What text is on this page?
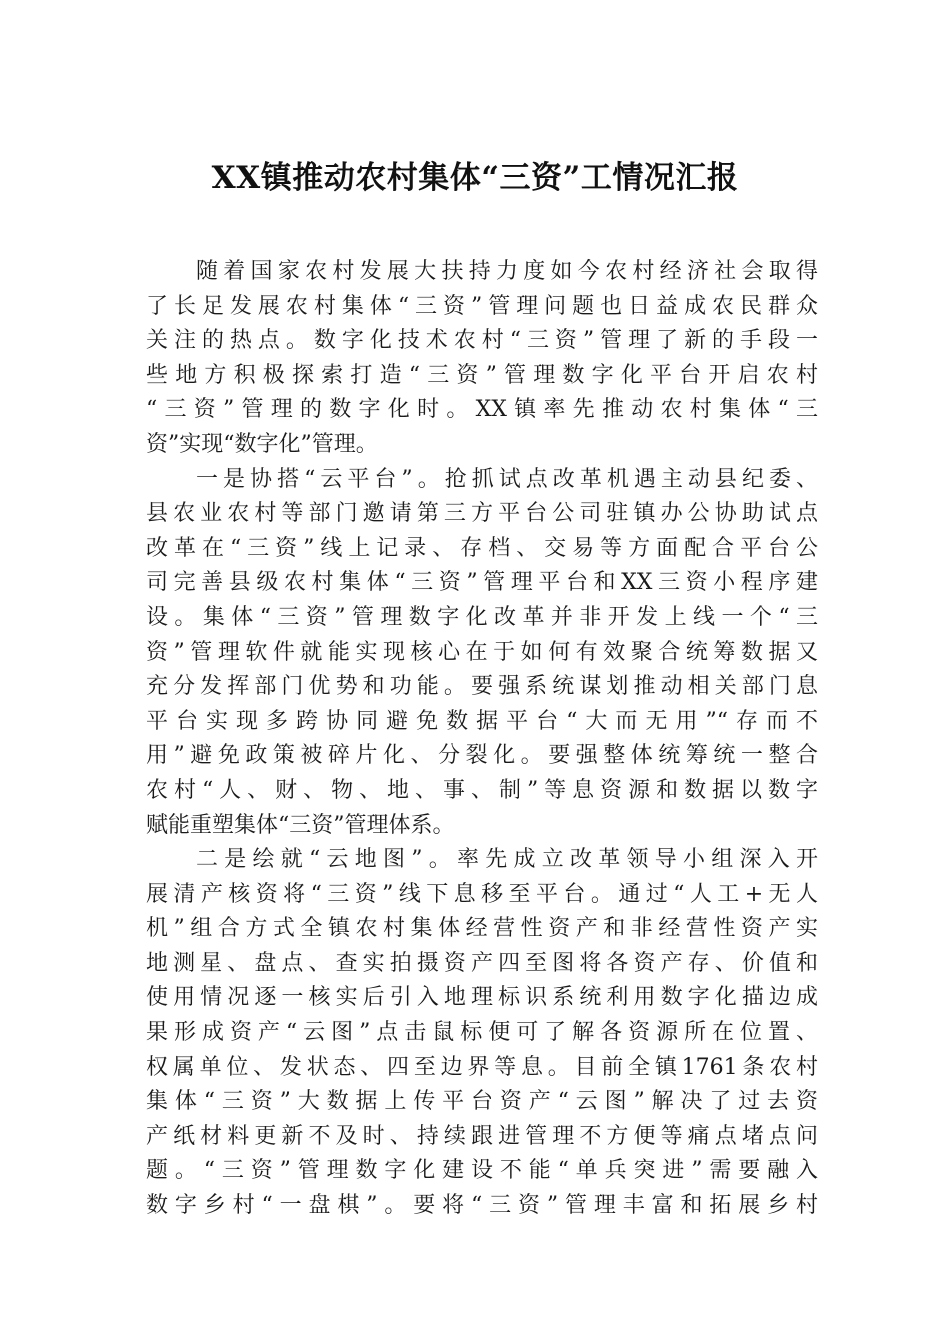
XX镇推动农村集体“三资”工情况汇报
随着国家农村发展大扶持力度如今农村经济社会取得
了长足发展农村集体“三资”管理问题也日益成农民群众
关注的热点。数字化技术农村“三资”管理了新的手段一
些地方积极探索打造“三资”管理数字化平台开启农村
“三资”管理的数字化时。XX镇率先推动农村集体“三
资”实现“数字化”管理。
一是协搭“云平台”。抢抓试点改革机遇主动县纪委、
县农业农村等部门邀请第三方平台公司驻镇办公协助试点
改革在“三资”线上记录、存档、交易等方面配合平台公
司完善县级农村集体“三资”管理平台和XX三资小程序建
设。集体“三资”管理数字化改革并非开发上线一个“三
资”管理软件就能实现核心在于如何有效聚合统筹数据又
充分发挥部门优势和功能。要强系统谋划推动相关部门息
平台实现多跨协同避免数据平台“大而无用”“存而不
用”避免政策被碎片化、分裂化。要强整体统筹统一整合
农村“人、财、物、地、事、制”等息资源和数据以数字
赋能重塑集体“三资”管理体系。
二是绘就“云地图”。率先成立改革领导小组深入开
展清产核资将“三资”线下息移至平台。通过“人工+无人
机”组合方式全镇农村集体经营性资产和非经营性资产实
地测星、盘点、查实拍摄资产四至图将各资产存、价值和
使用情况逐一核实后引入地理标识系统利用数字化描边成
果形成资产“云图”点击鼠标便可了解各资源所在位置、
权属单位、发状态、四至边界等息。目前全镇1761条农村
集体“三资”大数据上传平台资产“云图”解决了过去资
产纸材料更新不及时、持续跟进管理不方便等痛点堵点问
题。“三资”管理数字化建设不能“单兵突进”需要融入
数字乡村“一盘棋”。要将“三资”管理丰富和拓展乡村
